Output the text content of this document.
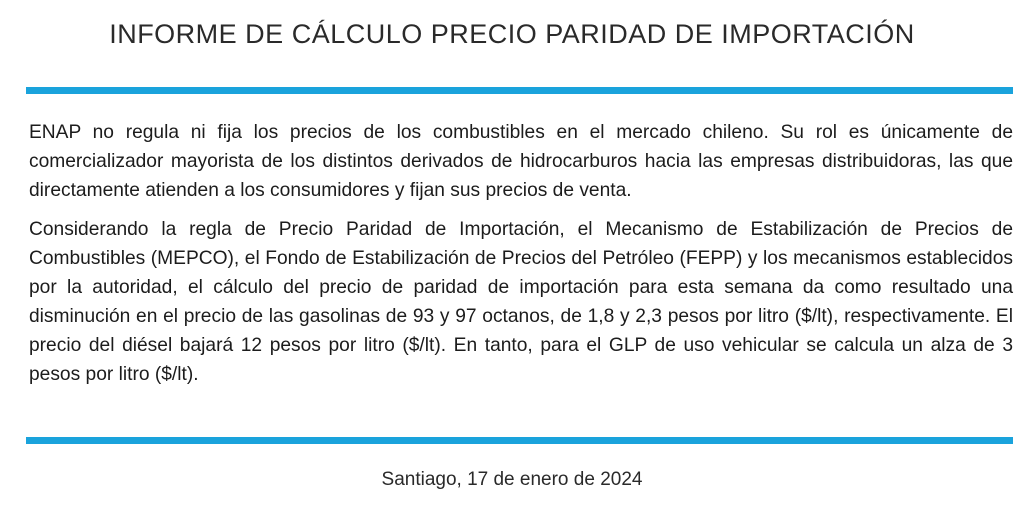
INFORME DE CÁLCULO PRECIO PARIDAD DE IMPORTACIÓN

ENAP no regula ni fija los precios de los combustibles en el mercado chileno. Su rol es únicamente de comercializador mayorista de los distintos derivados de hidrocarburos hacia las empresas distribuidoras, las que directamente atienden a los consumidores y fijan sus precios de venta.

Considerando la regla de Precio Paridad de Importación, el Mecanismo de Estabilización de Precios de Combustibles (MEPCO), el Fondo de Estabilización de Precios del Petróleo (FEPP) y los mecanismos establecidos por la autoridad, el cálculo del precio de paridad de importación para esta semana da como resultado una disminución en el precio de las gasolinas de 93 y 97 octanos, de 1,8 y 2,3 pesos por litro ($/lt), respectivamente. El precio del diésel bajará 12 pesos por litro ($/lt). En tanto, para el GLP de uso vehicular se calcula un alza de 3 pesos por litro ($/lt).

Santiago, 17 de enero de 2024
